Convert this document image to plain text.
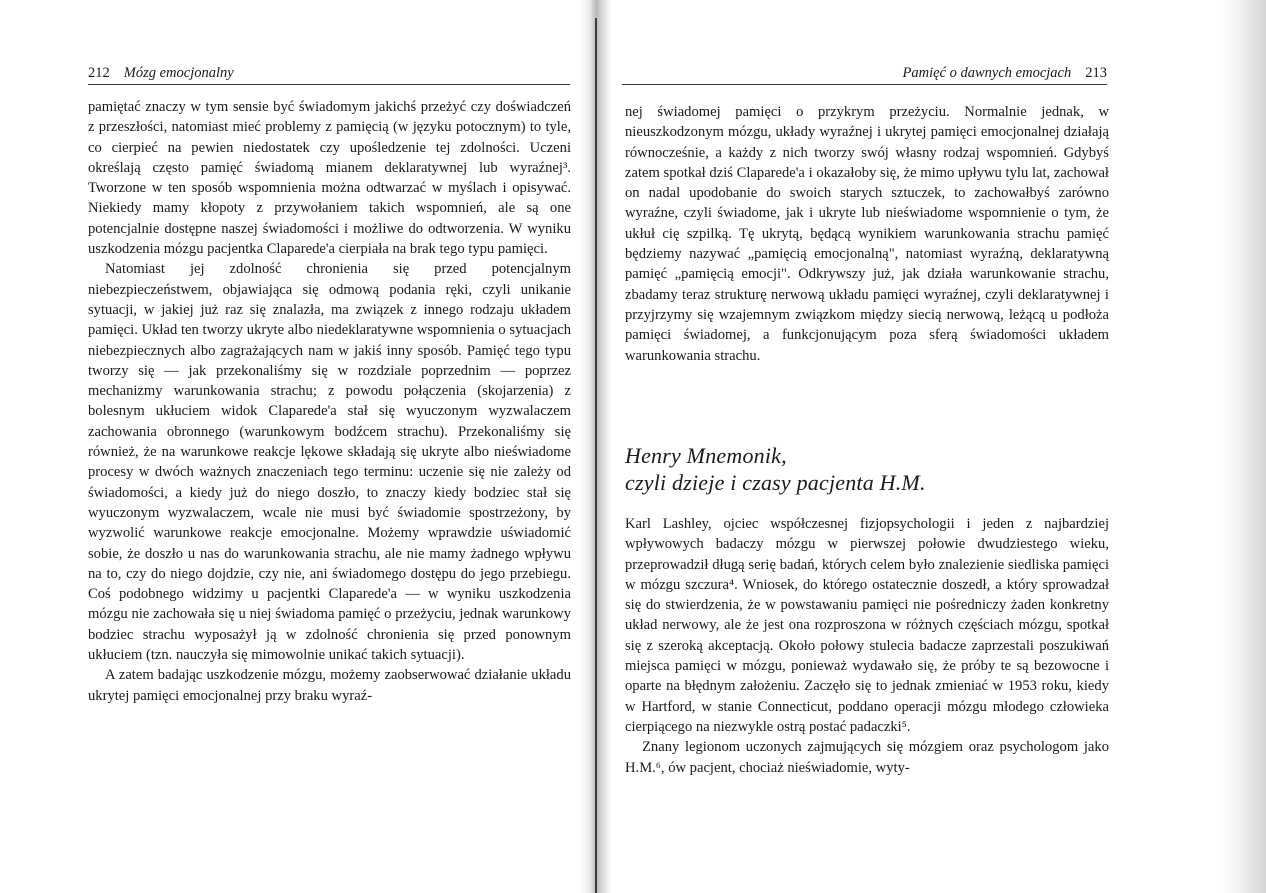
212 Mózg emocjonalny

pamiętać znaczy w tym sensie być świadomym jakichś przeżyć czy doświadczeń z przeszłości, natomiast mieć problemy z pamięcią (w języku potocznym) to tyle, co cierpieć na pewien niedostatek czy upośledzenie tej zdolności. Uczeni określają często pamięć świadomą mianem deklaratywnej lub wyraźnej³. Tworzone w ten sposób wspomnienia można odtwarzać w myślach i opisywać. Niekiedy mamy kłopoty z przywołaniem takich wspomnień, ale są one potencjalnie dostępne naszej świadomości i możliwe do odtworzenia. W wyniku uszkodzenia mózgu pacjentka Claparede'a cierpiała na brak tego typu pamięci.

Natomiast jej zdolność chronienia się przed potencjalnym niebezpieczeństwem, objawiająca się odmową podania ręki, czyli unikanie sytuacji, w jakiej już raz się znalazła, ma związek z innego rodzaju układem pamięci. Układ ten tworzy ukryte albo niedeklaratywne wspomnienia o sytuacjach niebezpiecznych albo zagrażających nam w jakiś inny sposób. Pamięć tego typu tworzy się — jak przekonaliśmy się w rozdziale poprzednim — poprzez mechanizmy warunkowania strachu; z powodu połączenia (skojarzenia) z bolesnym ukłuciem widok Claparede'a stał się wyuczonym wyzwalaczem zachowania obronnego (warunkowym bodźcem strachu). Przekonaliśmy się również, że na warunkowe reakcje lękowe składają się ukryte albo nieświadome procesy w dwóch ważnych znaczeniach tego terminu: uczenie się nie zależy od świadomości, a kiedy już do niego doszło, to znaczy kiedy bodziec stał się wyuczonym wyzwalaczem, wcale nie musi być świadomie spostrzeżony, by wyzwolić warunkowe reakcje emocjonalne. Możemy wprawdzie uświadomić sobie, że doszło u nas do warunkowania strachu, ale nie mamy żadnego wpływu na to, czy do niego dojdzie, czy nie, ani świadomego dostępu do jego przebiegu. Coś podobnego widzimy u pacjentki Claparede'a — w wyniku uszkodzenia mózgu nie zachowała się u niej świadoma pamięć o przeżyciu, jednak warunkowy bodziec strachu wyposażył ją w zdolność chronienia się przed ponownym ukłuciem (tzn. nauczyła się mimowolnie unikać takich sytuacji).

A zatem badając uszkodzenie mózgu, możemy zaobserwować działanie układu ukrytej pamięci emocjonalnej przy braku wyraź-

Pamięć o dawnych emocjach 213

nej świadomej pamięci o przykrym przeżyciu. Normalnie jednak, w nieuszkodzonym mózgu, układy wyraźnej i ukrytej pamięci emocjonalnej działają równocześnie, a każdy z nich tworzy swój własny rodzaj wspomnień. Gdybyś zatem spotkał dziś Claparede'a i okazałoby się, że mimo upływu tylu lat, zachował on nadal upodobanie do swoich starych sztuczek, to zachowałbyś zarówno wyraźne, czyli świadome, jak i ukryte lub nieświadome wspomnienie o tym, że ukłuł cię szpilką. Tę ukrytą, będącą wynikiem warunkowania strachu pamięć będziemy nazywać „pamięcią emocjonalną", natomiast wyraźną, deklaratywną pamięć „pamięcią emocji". Odkrywszy już, jak działa warunkowanie strachu, zbadamy teraz strukturę nerwową układu pamięci wyraźnej, czyli deklaratywnej i przyjrzymy się wzajemnym związkom między siecią nerwową, leżącą u podłoża pamięci świadomej, a funkcjonującym poza sferą świadomości układem warunkowania strachu.

Henry Mnemonik,
czyli dzieje i czasy pacjenta H.M.

Karl Lashley, ojciec współczesnej fizjopsychologii i jeden z najbardziej wpływowych badaczy mózgu w pierwszej połowie dwudziestego wieku, przeprowadził długą serię badań, których celem było znalezienie siedliska pamięci w mózgu szczura⁴. Wniosek, do którego ostatecznie doszedł, a który sprowadzał się do stwierdzenia, że w powstawaniu pamięci nie pośredniczy żaden konkretny układ nerwowy, ale że jest ona rozproszona w różnych częściach mózgu, spotkał się z szeroką akceptacją. Około połowy stulecia badacze zaprzestali poszukiwań miejsca pamięci w mózgu, ponieważ wydawało się, że próby te są bezowocne i oparte na błędnym założeniu. Zaczęło się to jednak zmieniać w 1953 roku, kiedy w Hartford, w stanie Connecticut, poddano operacji mózgu młodego człowieka cierpiącego na niezwykle ostrą postać padaczki⁵.

Znany legionom uczonych zajmujących się mózgiem oraz psychologom jako H.M.⁶, ów pacjent, chociaż nieświadomie, wyty-
